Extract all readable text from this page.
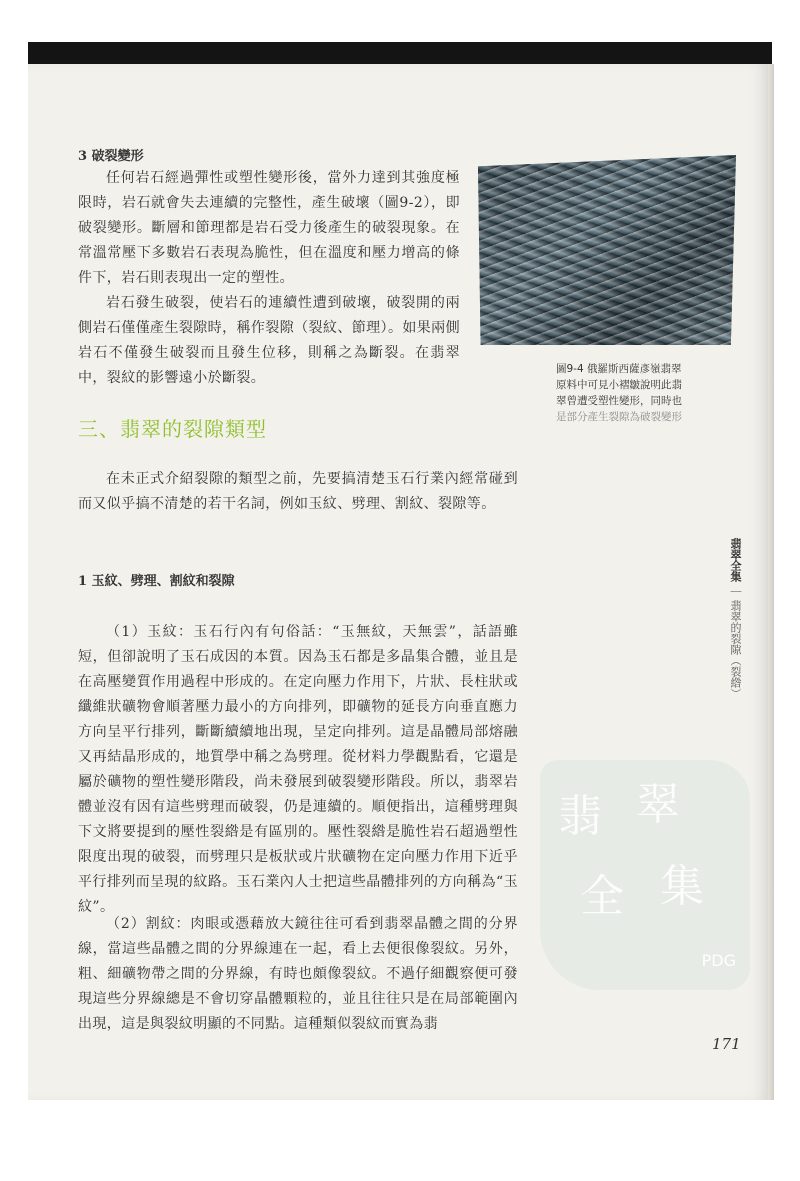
3 破裂變形

任何岩石經過彈性或塑性變形後，當外力達到其強度極限時，岩石就會失去連續的完整性，產生破壞（圖9-2），即破裂變形。斷層和節理都是岩石受力後產生的破裂現象。在常溫常壓下多數岩石表現為脆性，但在溫度和壓力增高的條件下，岩石則表現出一定的塑性。

岩石發生破裂，使岩石的連續性遭到破壞，破裂開的兩側岩石僅僅產生裂隙時，稱作裂隙（裂紋、節理）。如果兩側岩石不僅發生破裂而且發生位移，則稱之為斷裂。在翡翠中，裂紋的影響遠小於斷裂。

圖9-4 俄羅斯西薩彥嶺翡翠
原料中可見小褶皺說明此翡
翠曾遭受塑性變形，同時也
是部分產生裂隙為破裂變形
三、翡翠的裂隙類型

在未正式介紹裂隙的類型之前，先要搞清楚玉石行業內經常碰到而又似乎搞不清楚的若干名詞，例如玉紋、劈理、割紋、裂隙等。

1 玉紋、劈理、割紋和裂隙

（1）玉紋：玉石行內有句俗話：“玉無紋，天無雲”，話語雖短，但卻說明了玉石成因的本質。因為玉石都是多晶集合體，並且是在高壓變質作用過程中形成的。在定向壓力作用下，片狀、長柱狀或纖維狀礦物會順著壓力最小的方向排列，即礦物的延長方向垂直應力方向呈平行排列，斷斷續續地出現，呈定向排列。這是晶體局部熔融又再結晶形成的，地質學中稱之為劈理。從材料力學觀點看，它還是屬於礦物的塑性變形階段，尚未發展到破裂變形階段。所以，翡翠岩體並沒有因有這些劈理而破裂，仍是連續的。順便指出，這種劈理與下文將要提到的壓性裂綹是有區別的。壓性裂綹是脆性岩石超過塑性限度出現的破裂，而劈理只是板狀或片狀礦物在定向壓力作用下近乎平行排列而呈現的紋路。玉石業內人士把這些晶體排列的方向稱為“玉紋”。

（2）割紋：肉眼或憑藉放大鏡往往可看到翡翠晶體之間的分界線，當這些晶體之間的分界線連在一起，看上去便很像裂紋。另外，粗、細礦物帶之間的分界線，有時也頗像裂紋。不過仔細觀察便可發現這些分界線總是不會切穿晶體顆粒的，並且往往只是在局部範圍內出現，這是與裂紋明顯的不同點。這種類似裂紋而實為翡

翡翠全集 ｜ 翡翠的裂隙（裂綹）
翡 翠
全 集
PDG
171
